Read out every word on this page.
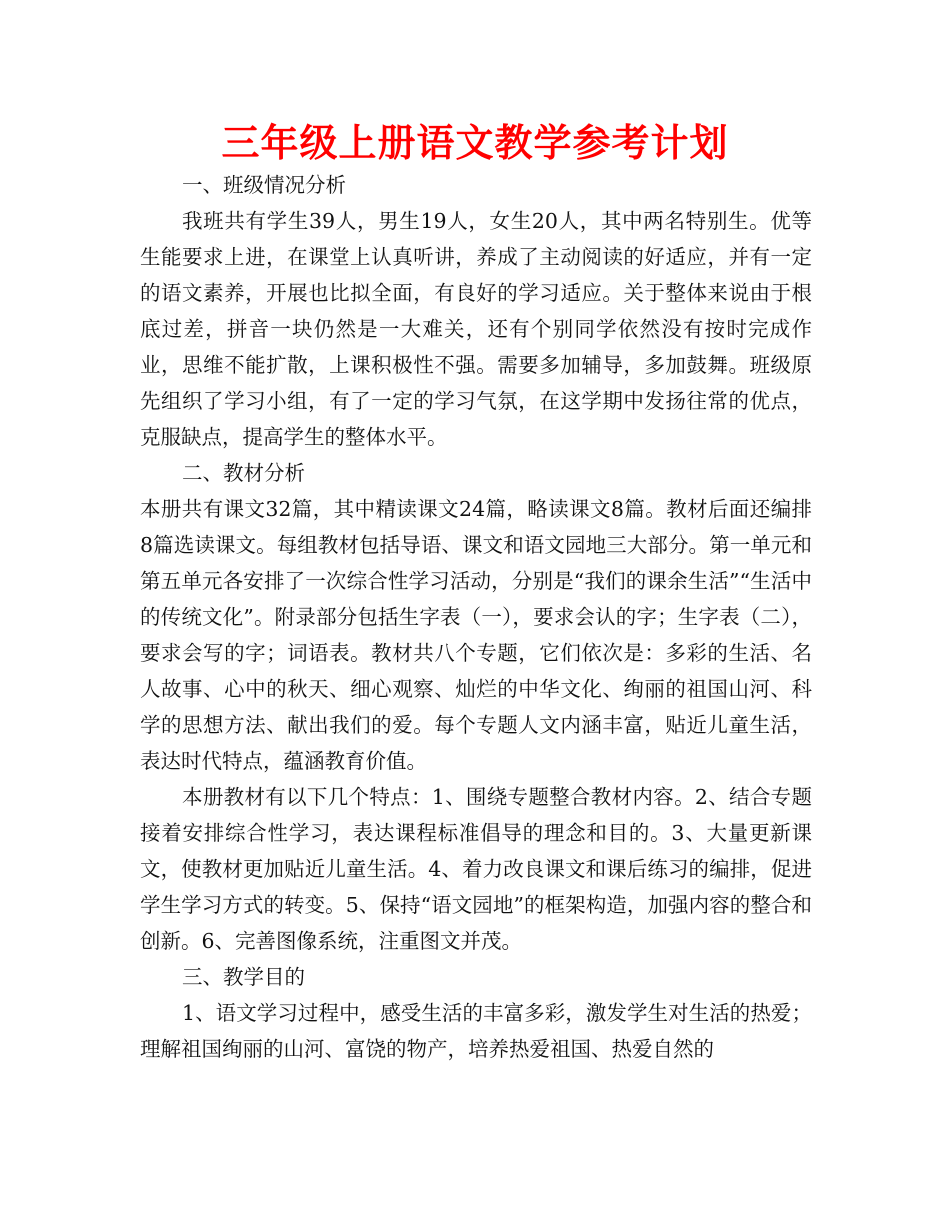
三年级上册语文教学参考计划

一、班级情况分析

我班共有学生39人，男生19人，女生20人，其中两名特别生。优等生能要求上进，在课堂上认真听讲，养成了主动阅读的好适应，并有一定的语文素养，开展也比拟全面，有良好的学习适应。关于整体来说由于根底过差，拼音一块仍然是一大难关，还有个别同学依然没有按时完成作业，思维不能扩散，上课积极性不强。需要多加辅导，多加鼓舞。班级原先组织了学习小组，有了一定的学习气氛，在这学期中发扬往常的优点，克服缺点，提高学生的整体水平。

二、教材分析

本册共有课文32篇，其中精读课文24篇，略读课文8篇。教材后面还编排8篇选读课文。每组教材包括导语、课文和语文园地三大部分。第一单元和第五单元各安排了一次综合性学习活动，分别是“我们的课余生活”“生活中的传统文化”。附录部分包括生字表（一），要求会认的字；生字表（二），要求会写的字；词语表。教材共八个专题，它们依次是：多彩的生活、名人故事、心中的秋天、细心观察、灿烂的中华文化、绚丽的祖国山河、科学的思想方法、献出我们的爱。每个专题人文内涵丰富，贴近儿童生活，表达时代特点，蕴涵教育价值。

本册教材有以下几个特点：1、围绕专题整合教材内容。2、结合专题接着安排综合性学习，表达课程标准倡导的理念和目的。3、大量更新课文，使教材更加贴近儿童生活。4、着力改良课文和课后练习的编排，促进学生学习方式的转变。5、保持“语文园地”的框架构造，加强内容的整合和创新。6、完善图像系统，注重图文并茂。

三、教学目的

1、语文学习过程中，感受生活的丰富多彩，激发学生对生活的热爱；理解祖国绚丽的山河、富饶的物产，培养热爱祖国、热爱自然的
